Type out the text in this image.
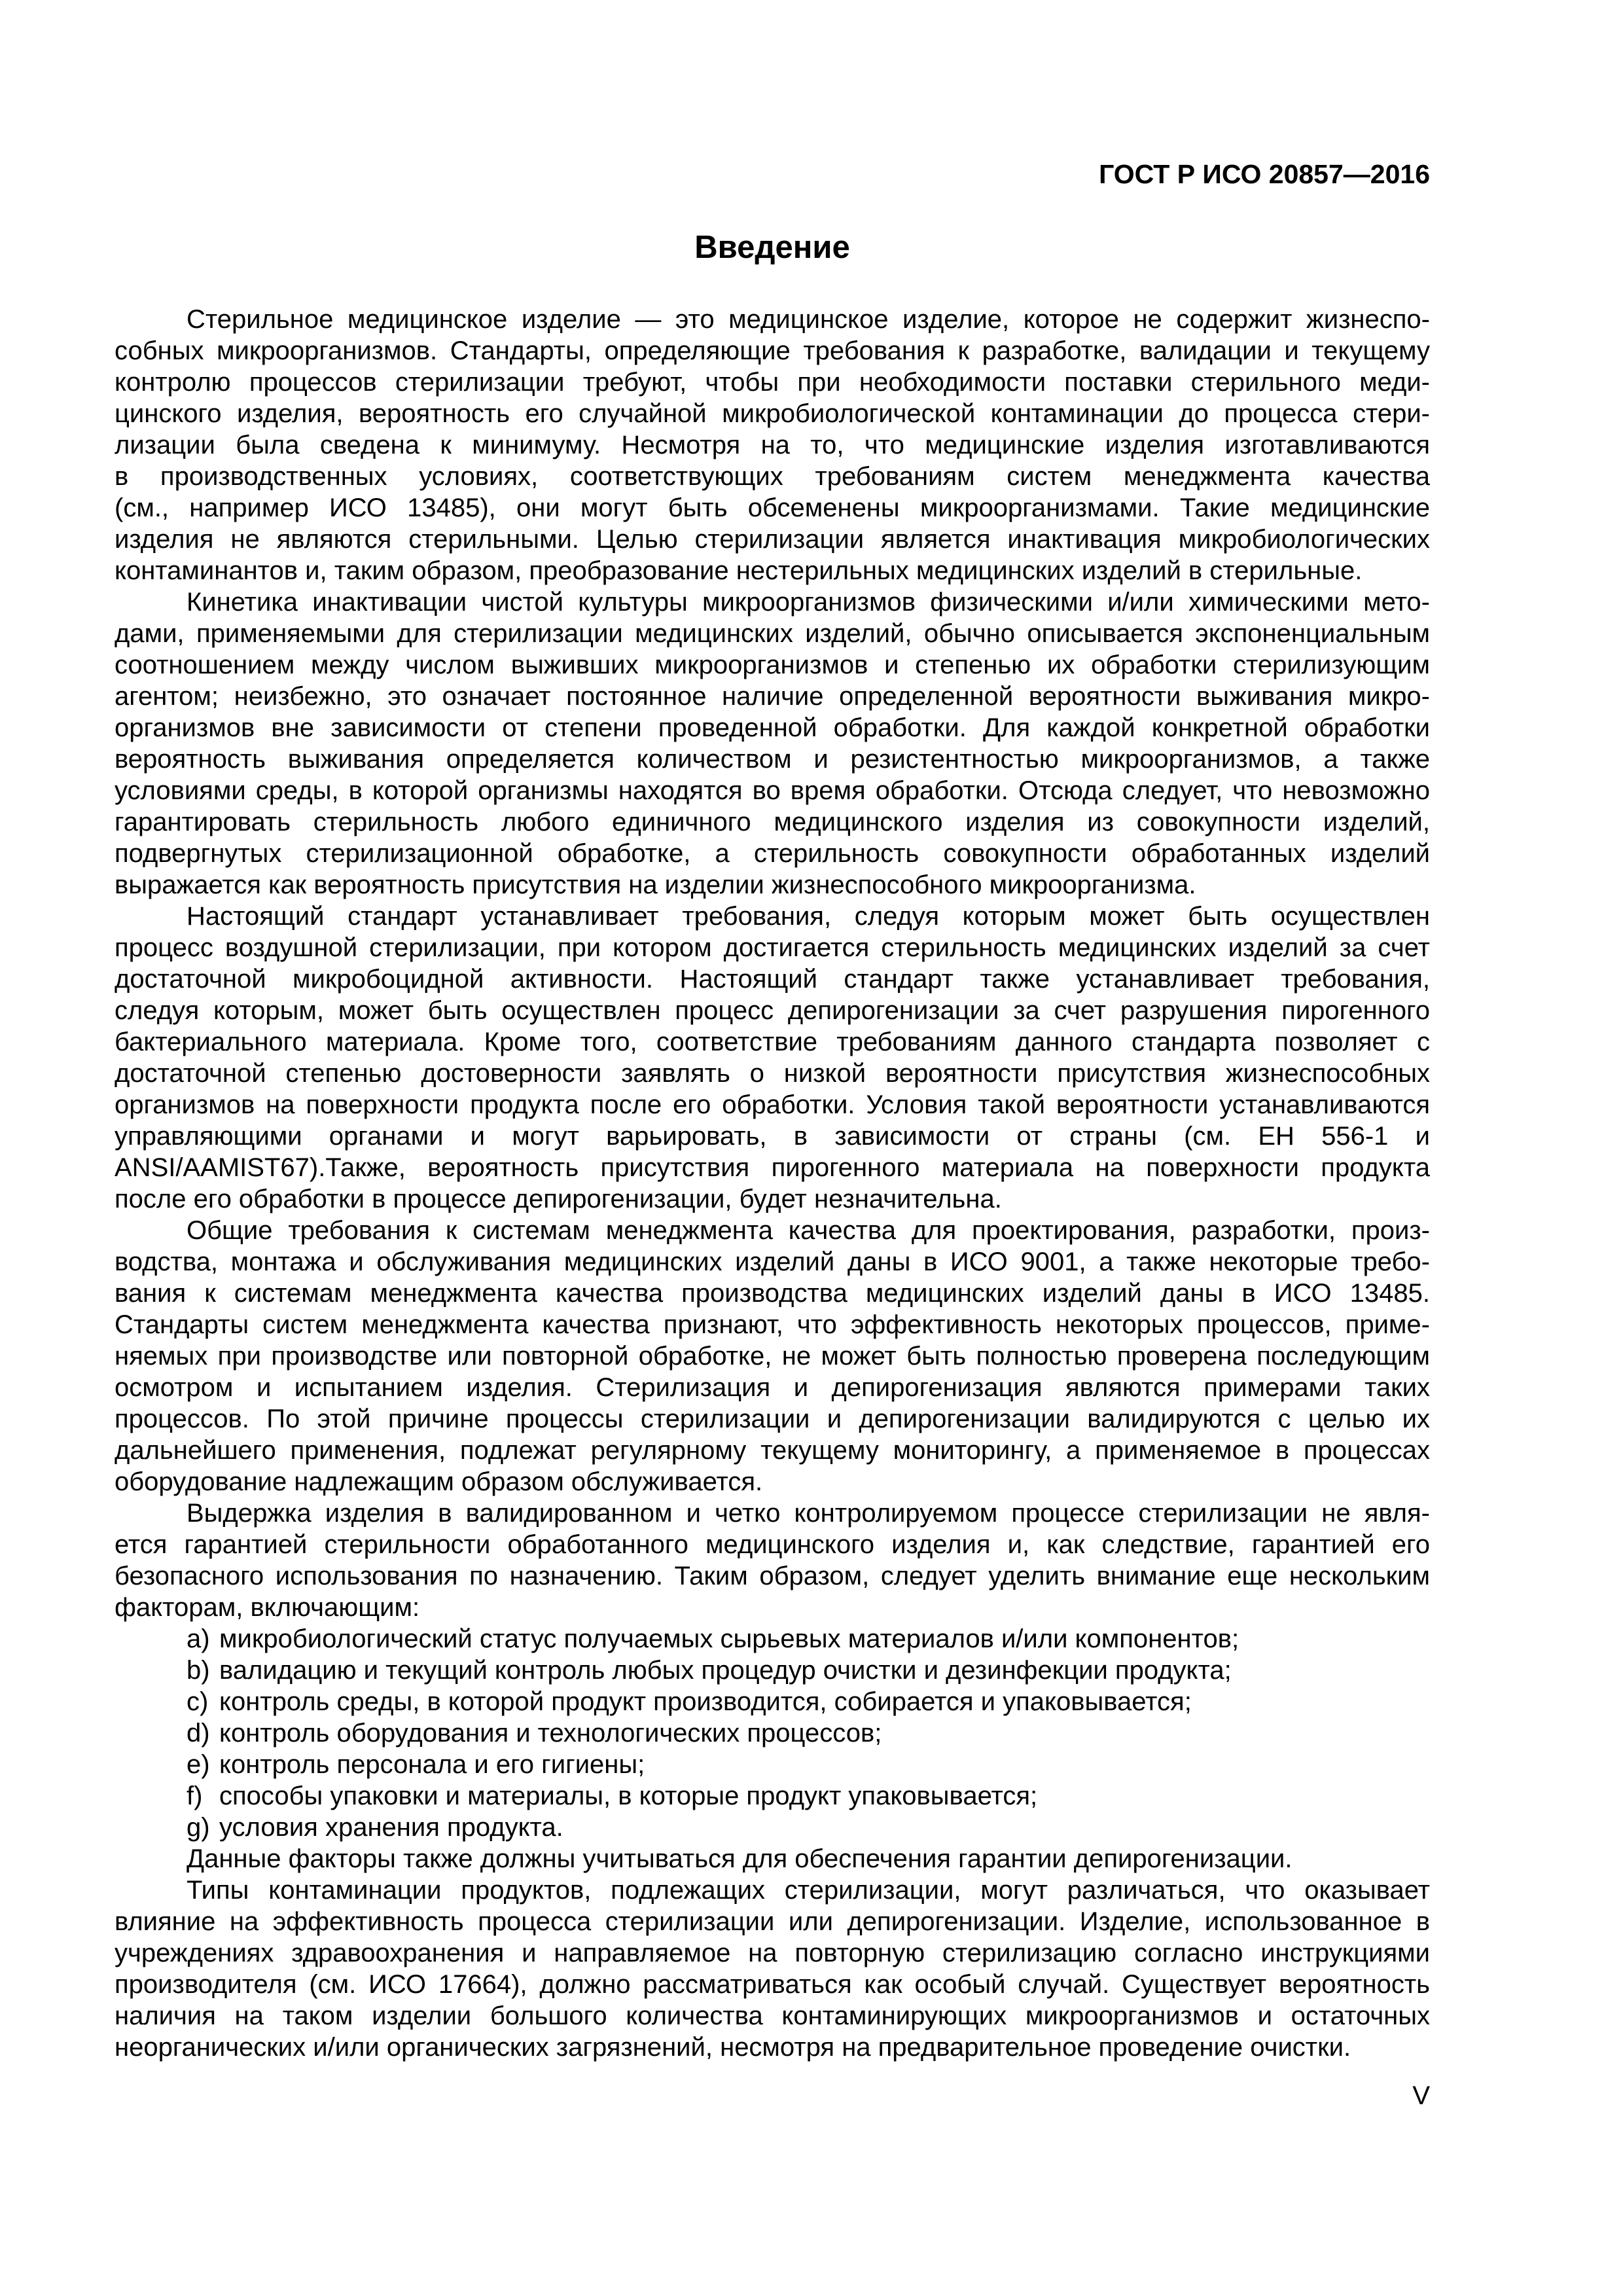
ГОСТ Р ИСО 20857—2016
Введение
Стерильное медицинское изделие — это медицинское изделие, которое не содержит жизнеспо-
собных микроорганизмов. Стандарты, определяющие требования к разработке, валидации и текущему
контролю процессов стерилизации требуют, чтобы при необходимости поставки стерильного меди-
цинского изделия, вероятность его случайной микробиологической контаминации до процесса стери-
лизации была сведена к минимуму. Несмотря на то, что медицинские изделия изготавливаются
в производственных условиях, соответствующих требованиям систем менеджмента качества
(см., например ИСО 13485), они могут быть обсеменены микроорганизмами. Такие медицинские
изделия не являются стерильными. Целью стерилизации является инактивация микробиологических
контаминантов и, таким образом, преобразование нестерильных медицинских изделий в стерильные.
Кинетика инактивации чистой культуры микроорганизмов физическими и/или химическими мето-
дами, применяемыми для стерилизации медицинских изделий, обычно описывается экспоненциальным
соотношением между числом выживших микроорганизмов и степенью их обработки стерилизующим
агентом; неизбежно, это означает постоянное наличие определенной вероятности выживания микро-
организмов вне зависимости от степени проведенной обработки. Для каждой конкретной обработки
вероятность выживания определяется количеством и резистентностью микроорганизмов, а также
условиями среды, в которой организмы находятся во время обработки. Отсюда следует, что невозможно
гарантировать стерильность любого единичного медицинского изделия из совокупности изделий,
подвергнутых стерилизационной обработке, а стерильность совокупности обработанных изделий
выражается как вероятность присутствия на изделии жизнеспособного микроорганизма.
Настоящий стандарт устанавливает требования, следуя которым может быть осуществлен
процесс воздушной стерилизации, при котором достигается стерильность медицинских изделий за счет
достаточной микробоцидной активности. Настоящий стандарт также устанавливает требования,
следуя которым, может быть осуществлен процесс депирогенизации за счет разрушения пирогенного
бактериального материала. Кроме того, соответствие требованиям данного стандарта позволяет с
достаточной степенью достоверности заявлять о низкой вероятности присутствия жизнеспособных
организмов на поверхности продукта после его обработки. Условия такой вероятности устанавливаются
управляющими органами и могут варьировать, в зависимости от страны (см. ЕН 556-1 и
ANSI/AAMIST67).Также, вероятность присутствия пирогенного материала на поверхности продукта
после его обработки в процессе депирогенизации, будет незначительна.
Общие требования к системам менеджмента качества для проектирования, разработки, произ-
водства, монтажа и обслуживания медицинских изделий даны в ИСО 9001, а также некоторые требо-
вания к системам менеджмента качества производства медицинских изделий даны в ИСО 13485.
Стандарты систем менеджмента качества признают, что эффективность некоторых процессов, приме-
няемых при производстве или повторной обработке, не может быть полностью проверена последующим
осмотром и испытанием изделия. Стерилизация и депирогенизация являются примерами таких
процессов. По этой причине процессы стерилизации и депирогенизации валидируются с целью их
дальнейшего применения, подлежат регулярному текущему мониторингу, а применяемое в процессах
оборудование надлежащим образом обслуживается.
Выдержка изделия в валидированном и четко контролируемом процессе стерилизации не явля-
ется гарантией стерильности обработанного медицинского изделия и, как следствие, гарантией его
безопасного использования по назначению. Таким образом, следует уделить внимание еще нескольким
факторам, включающим:
a) микробиологический статус получаемых сырьевых материалов и/или компонентов;
b) валидацию и текущий контроль любых процедур очистки и дезинфекции продукта;
c) контроль среды, в которой продукт производится, собирается и упаковывается;
d) контроль оборудования и технологических процессов;
e) контроль персонала и его гигиены;
f) способы упаковки и материалы, в которые продукт упаковывается;
g) условия хранения продукта.
Данные факторы также должны учитываться для обеспечения гарантии депирогенизации.
Типы контаминации продуктов, подлежащих стерилизации, могут различаться, что оказывает
влияние на эффективность процесса стерилизации или депирогенизации. Изделие, использованное в
учреждениях здравоохранения и направляемое на повторную стерилизацию согласно инструкциями
производителя (см. ИСО 17664), должно рассматриваться как особый случай. Существует вероятность
наличия на таком изделии большого количества контаминирующих микроорганизмов и остаточных
неорганических и/или органических загрязнений, несмотря на предварительное проведение очистки.
V
